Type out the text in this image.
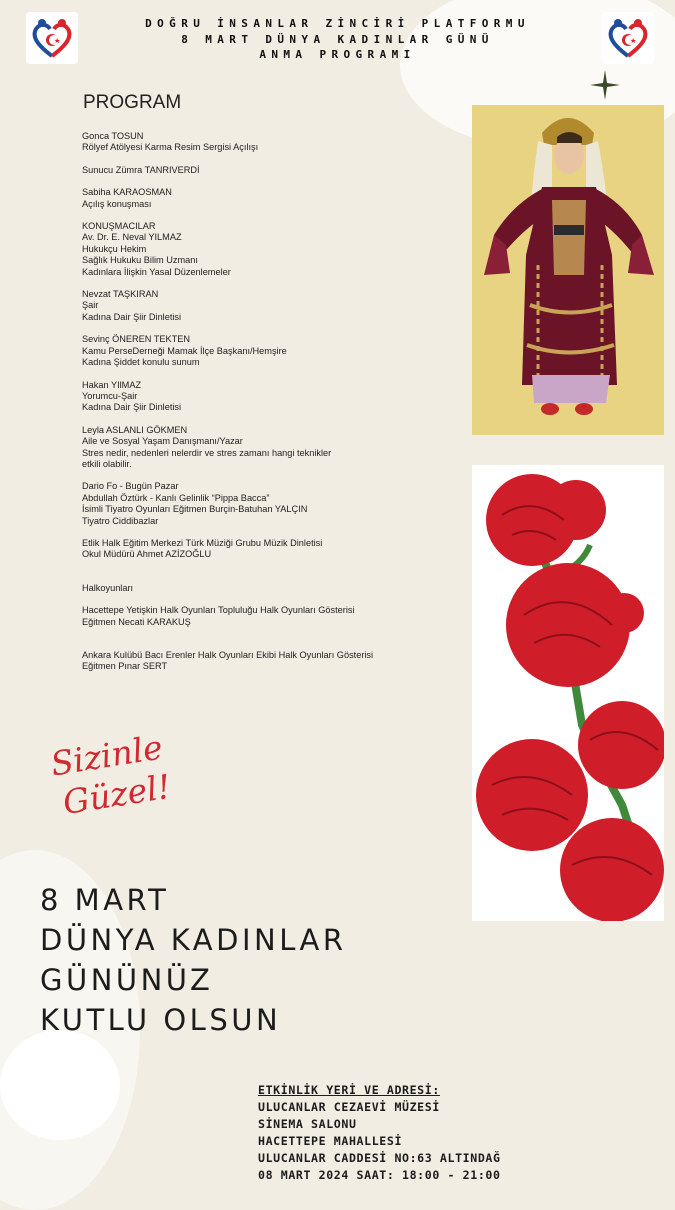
DOĞRU İNSANLAR ZİNCİRİ PLATFORMU
8 MART DÜNYA KADINLAR GÜNÜ
ANMA PROGRAMI
PROGRAM
Gonca TOSUN
Rölyef Atölyesi Karma Resim Sergisi Açılışı
Sunucu Zümra TANRIVERDİ
Sabiha KARAOSMAN
Açılış konuşması
KONUŞMACILAR
Av. Dr. E. Neval YILMAZ
Hukukçu Hekim
Sağlık Hukuku Bilim Uzmanı
Kadınlara İlişkin Yasal Düzenlemeler
Nevzat TAŞKIRAN
Şair
Kadına Dair Şiir Dinletisi
Sevinç ÖNEREN TEKTEN
Kamu PerseDerneği Mamak İlçe Başkanı/Hemşire
Kadına Şiddet konulu sunum
Hakan YIlMAZ
Yorumcu-Şair
Kadına Dair Şiir Dinletisi
Leyla ASLANLI GÖKMEN
Aile ve Sosyal Yaşam Danışmanı/Yazar
Stres nedir, nedenleri nelerdir ve stres zamanı hangi teknikler
etkili olabilir.
Dario Fo - Bugün Pazar
Abdullah Öztürk - Kanlı Gelinlik “Pippa Bacca”
İsimli Tiyatro Oyunları Eğitmen Burçin-Batuhan YALÇIN
Tiyatro Ciddibazlar
Etlik Halk Eğitim Merkezi Türk Müziği Grubu Müzik Dinletisi
Okul Müdürü Ahmet AZİZOĞLU
Halkoyunları
Hacettepe Yetişkin Halk Oyunları Topluluğu Halk Oyunları Gösterisi
Eğitmen Necati KARAKUŞ
Ankara Kulübü Bacı Erenler Halk Oyunları Ekibi Halk Oyunları Gösterisi
Eğitmen Pınar SERT
Sizinle
Güzel!
8 MART
DÜNYA KADINLAR
GÜNÜNÜZ
KUTLU OLSUN
ETKİNLİK YERİ VE ADRESİ:
ULUCANLAR CEZAEVİ MÜZESİ
SİNEMA SALONU
HACETTEPE MAHALLESİ
ULUCANLAR CADDESİ NO:63 ALTINDAĞ
08 MART 2024 SAAT: 18:00 - 21:00
